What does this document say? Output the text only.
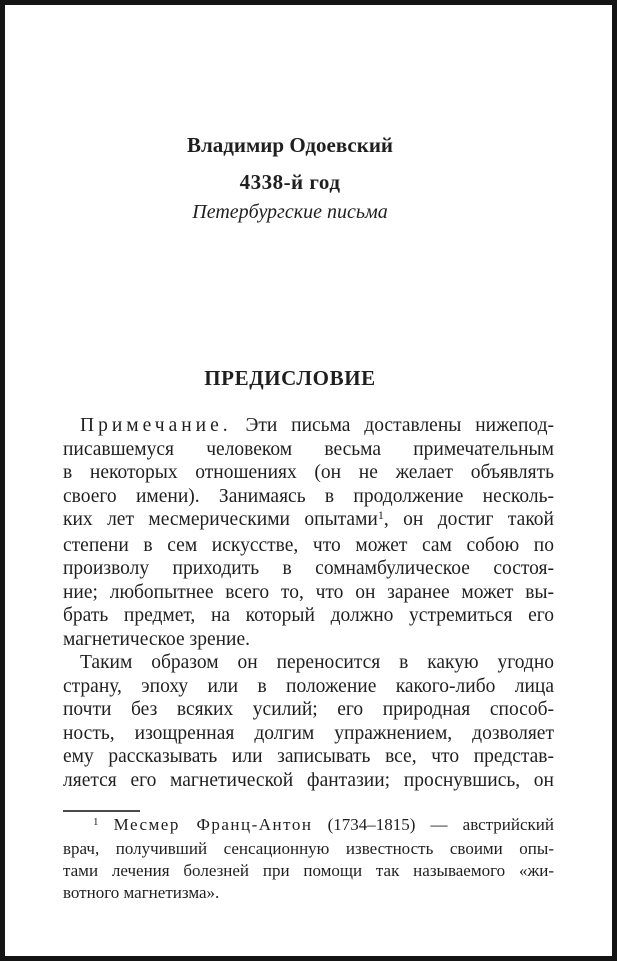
Владимир Одоевский
4338-й год
Петербургские письма
ПРЕДИСЛОВИЕ
Примечание. Эти письма доставлены нижепод-
писавшемуся человеком весьма примечательным
в некоторых отношениях (он не желает объявлять
своего имени). Занимаясь в продолжение несколь-
ких лет месмерическими опытами$^1$, он достиг такой
степени в сем искусстве, что может сам собою по
произволу приходить в сомнамбулическое состоя-
ние; любопытнее всего то, что он заранее может вы-
брать предмет, на который должно устремиться его
магнетическое зрение.
Таким образом он переносится в какую угодно
страну, эпоху или в положение какого-либо лица
почти без всяких усилий; его природная способ-
ность, изощренная долгим упражнением, дозволяет
ему рассказывать или записывать все, что представ-
ляется его магнетической фантазии; проснувшись, он
$^1$ Месмер Франц-Антон (1734–1815) — австрийский
врач, получивший сенсационную известность своими опы-
тами лечения болезней при помощи так называемого «жи-
вотного магнетизма».
